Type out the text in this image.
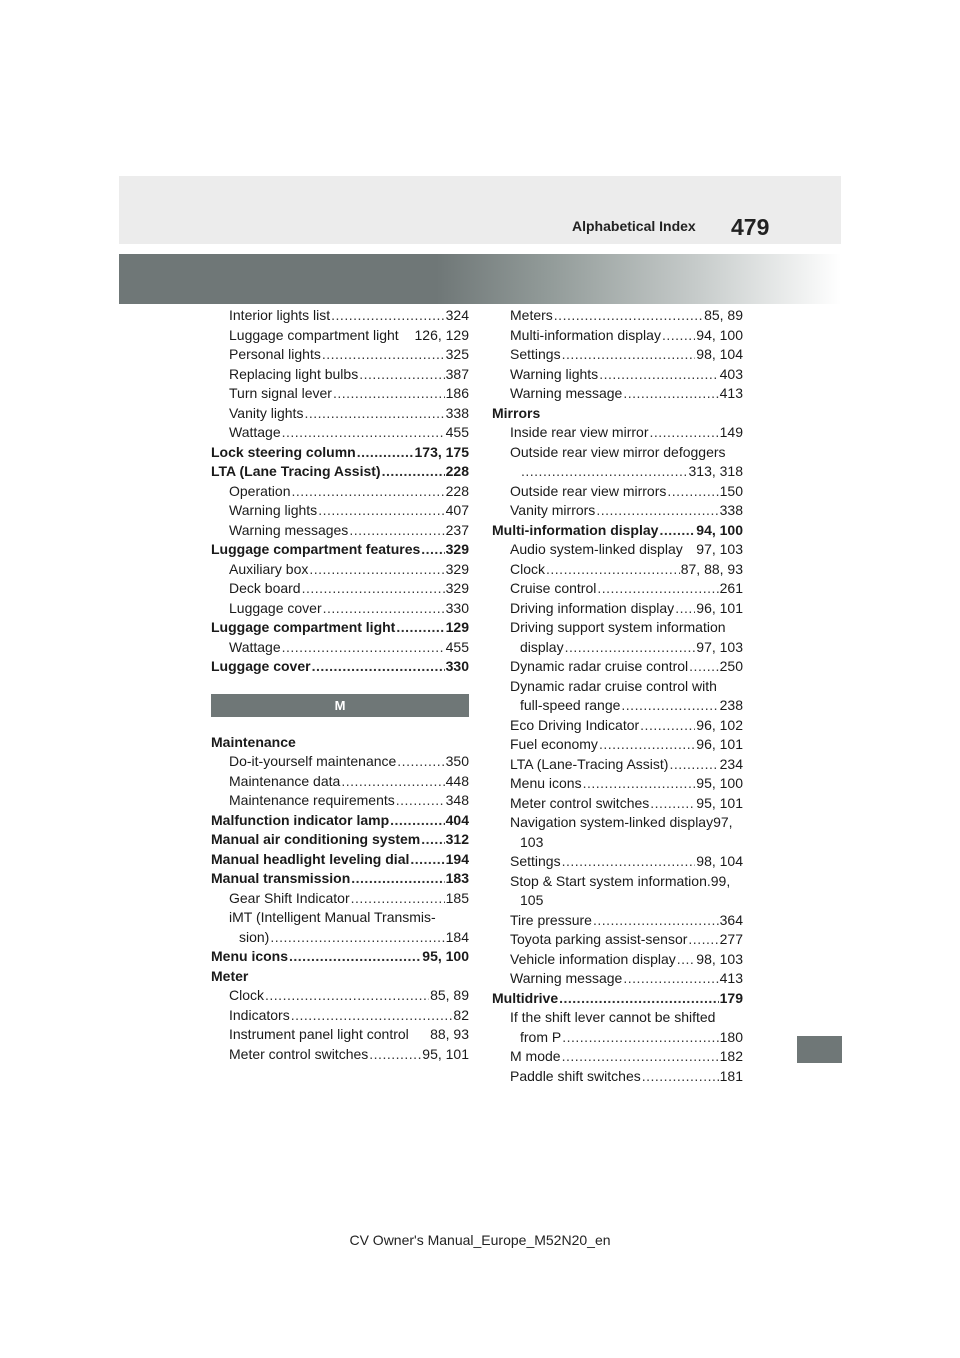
Alphabetical Index 479
Interior lights list .....	324
Luggage compartment light 126, 129
Personal lights .....	325
Replacing light bulbs .....	387
Turn signal lever .....	186
Vanity lights .....	338
Wattage .....	455
Lock steering column .....	173, 175
LTA (Lane Tracing Assist) .....	228
Operation .....	228
Warning lights .....	407
Warning messages .....	237
Luggage compartment features ..... 329
Auxiliary box .....	329
Deck board .....	329
Luggage cover .....	330
Luggage compartment light .....	129
Wattage .....	455
Luggage cover .....	330
M
Maintenance
Do-it-yourself maintenance .....	350
Maintenance data .....	448
Maintenance requirements .....	348
Malfunction indicator lamp .....	404
Manual air conditioning system ..... 312
Manual headlight leveling dial .....	194
Manual transmission .....	183
Gear Shift Indicator .....	185
iMT (Intelligent Manual Transmis-
sion) .....	184
Menu icons .....	95, 100
Meter
Clock .....	85, 89
Indicators .....	82
Instrument panel light control 88, 93
Meter control switches .....	95, 101
Meters .....	85, 89
Multi-information display .....	94, 100
Settings .....	98, 104
Warning lights .....	403
Warning message .....	413
Mirrors
Inside rear view mirror .....	149
Outside rear view mirror defoggers
.....
313, 318
Outside rear view mirrors .....	150
Vanity mirrors .....	338
Multi-information display .....	94, 100
Audio system-linked display 97, 103
Clock .....	87, 88, 93
Cruise control .....	261
Driving information display ..... 96, 101
Driving support system information
display .....	97, 103
Dynamic radar cruise control ..... 250
Dynamic radar cruise control with
full-speed range .....	238
Eco Driving Indicator .....	96, 102
Fuel economy .....	96, 101
LTA (Lane-Tracing Assist) .....	234
Menu icons .....	95, 100
Meter control switches .....	95, 101
Navigation system-linked display97,
103
Settings .....	98, 104
Stop & Start system information.99,
105
Tire pressure .....	364
Toyota parking assist-sensor ..... 277
Vehicle information display ..... 98, 103
Warning message .....	413
Multidrive .....	179
If the shift lever cannot be shifted
from P .....	180
M mode .....	182
Paddle shift switches .....	181
CV Owner's Manual_Europe_M52N20_en
